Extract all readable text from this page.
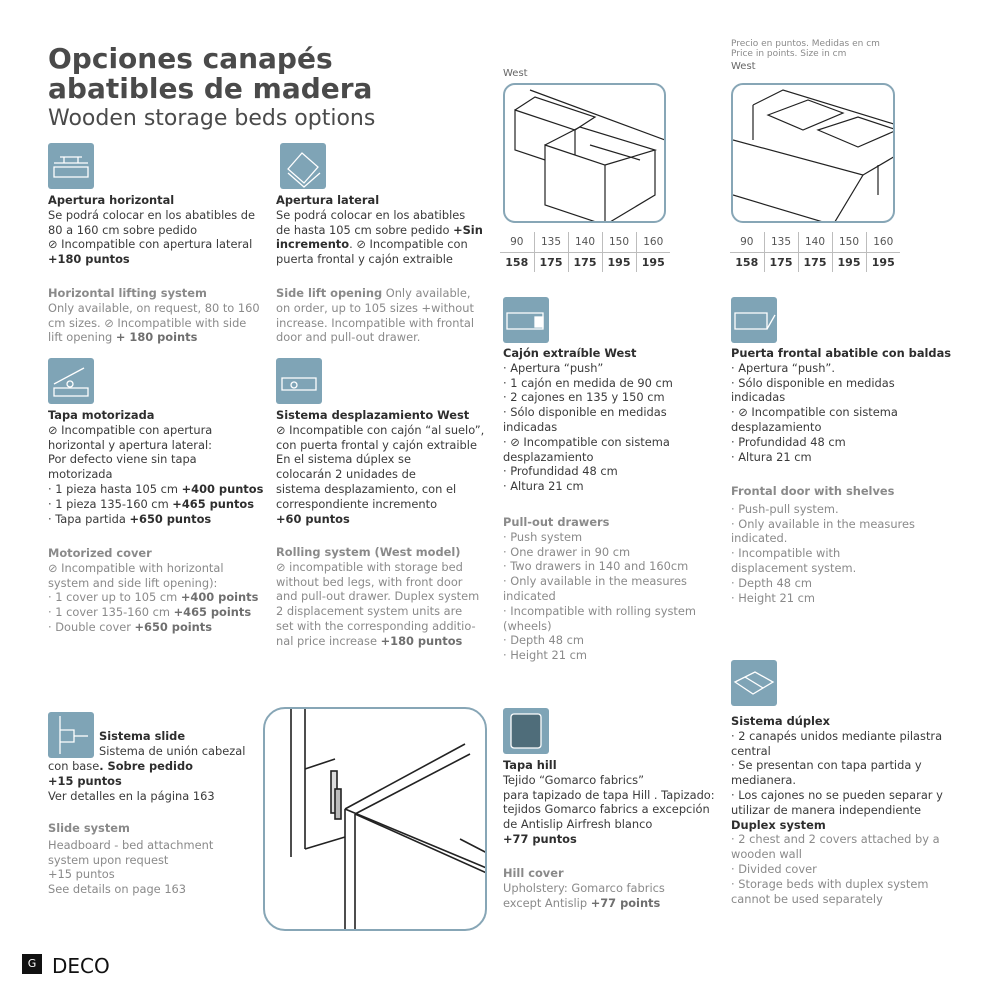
Opciones canapés abatibles de madera
Wooden storage beds options
Precio en puntos. Medidas en cm
Price in points. Size in cm
West
90	135	140	150	160
158	175	175	195	195
West
90	135	140	150	160
158	175	175	195	195
Apertura horizontal
Se podrá colocar en los abatibles de
80 a 160 cm sobre pedido
⊘ Incompatible con apertura lateral
+180 puntos
Horizontal lifting system
Only available, on request, 80 to 160
cm sizes. ⊘ Incompatible with side
lift opening + 180 points
Apertura lateral
Se podrá colocar en los abatibles
de hasta 105 cm sobre pedido +Sin
incremento. ⊘ Incompatible con
puerta frontal y cajón extraible
Side lift opening Only available,
on order, up to 105 sizes +without
increase. Incompatible with frontal
door and pull-out drawer.
Tapa motorizada
⊘ Incompatible con apertura
horizontal y apertura lateral:
Por defecto viene sin tapa
motorizada
· 1 pieza hasta 105 cm +400 puntos
· 1 pieza 135-160 cm +465 puntos
· Tapa partida +650 puntos
Motorized cover
⊘ Incompatible with horizontal
system and side lift opening):
· 1 cover up to 105 cm +400 points
· 1 cover 135-160 cm +465 points
· Double cover +650 points
Sistema desplazamiento West
⊘ Incompatible con cajón “al suelo”,
con puerta frontal y cajón extraible
En el sistema dúplex se
colocarán 2 unidades de
sistema desplazamiento, con el
correspondiente incremento
+60 puntos
Rolling system (West model)
⊘ incompatible with storage bed
without bed legs, with front door
and pull-out drawer. Duplex system
2 displacement system units are
set with the corresponding additio-
nal price increase +180 puntos
Cajón extraíble West
· Apertura “push”
· 1 cajón en medida de 90 cm
· 2 cajones en 135 y 150 cm
· Sólo disponible en medidas
indicadas
· ⊘ Incompatible con sistema
desplazamiento
· Profundidad 48 cm
· Altura 21 cm
Pull-out drawers
· Push system
· One drawer in 90 cm
· Two drawers in 140 and 160cm
· Only available in the measures
indicated
· Incompatible with rolling system
(wheels)
· Depth 48 cm
· Height 21 cm
Puerta frontal abatible con baldas
· Apertura “push”.
· Sólo disponible en medidas
indicadas
· ⊘ Incompatible con sistema
desplazamiento
· Profundidad 48 cm
· Altura 21 cm
Frontal door with shelves
· Push-pull system.
· Only available in the measures
indicated.
· Incompatible with
displacement system.
· Depth 48 cm
· Height 21 cm
Sistema slide
Sistema de unión cabezal
con base. Sobre pedido
+15 puntos
Ver detalles en la página 163
Slide system
Headboard - bed attachment
system upon request
+15 puntos
See details on page 163
Tapa hill
Tejido “Gomarco fabrics”
para tapizado de tapa Hill . Tapizado:
tejidos Gomarco fabrics a excepción
de Antislip Airfresh blanco
+77 puntos
Hill cover
Upholstery: Gomarco fabrics
except Antislip +77 points
Sistema dúplex
· 2 canapés unidos mediante pilastra
central
· Se presentan con tapa partida y
medianera.
· Los cajones no se pueden separar y
utilizar de manera independiente
Duplex system
· 2 chest and 2 covers attached by a
wooden wall
· Divided cover
· Storage beds with duplex system
cannot be used separately
G DECO
